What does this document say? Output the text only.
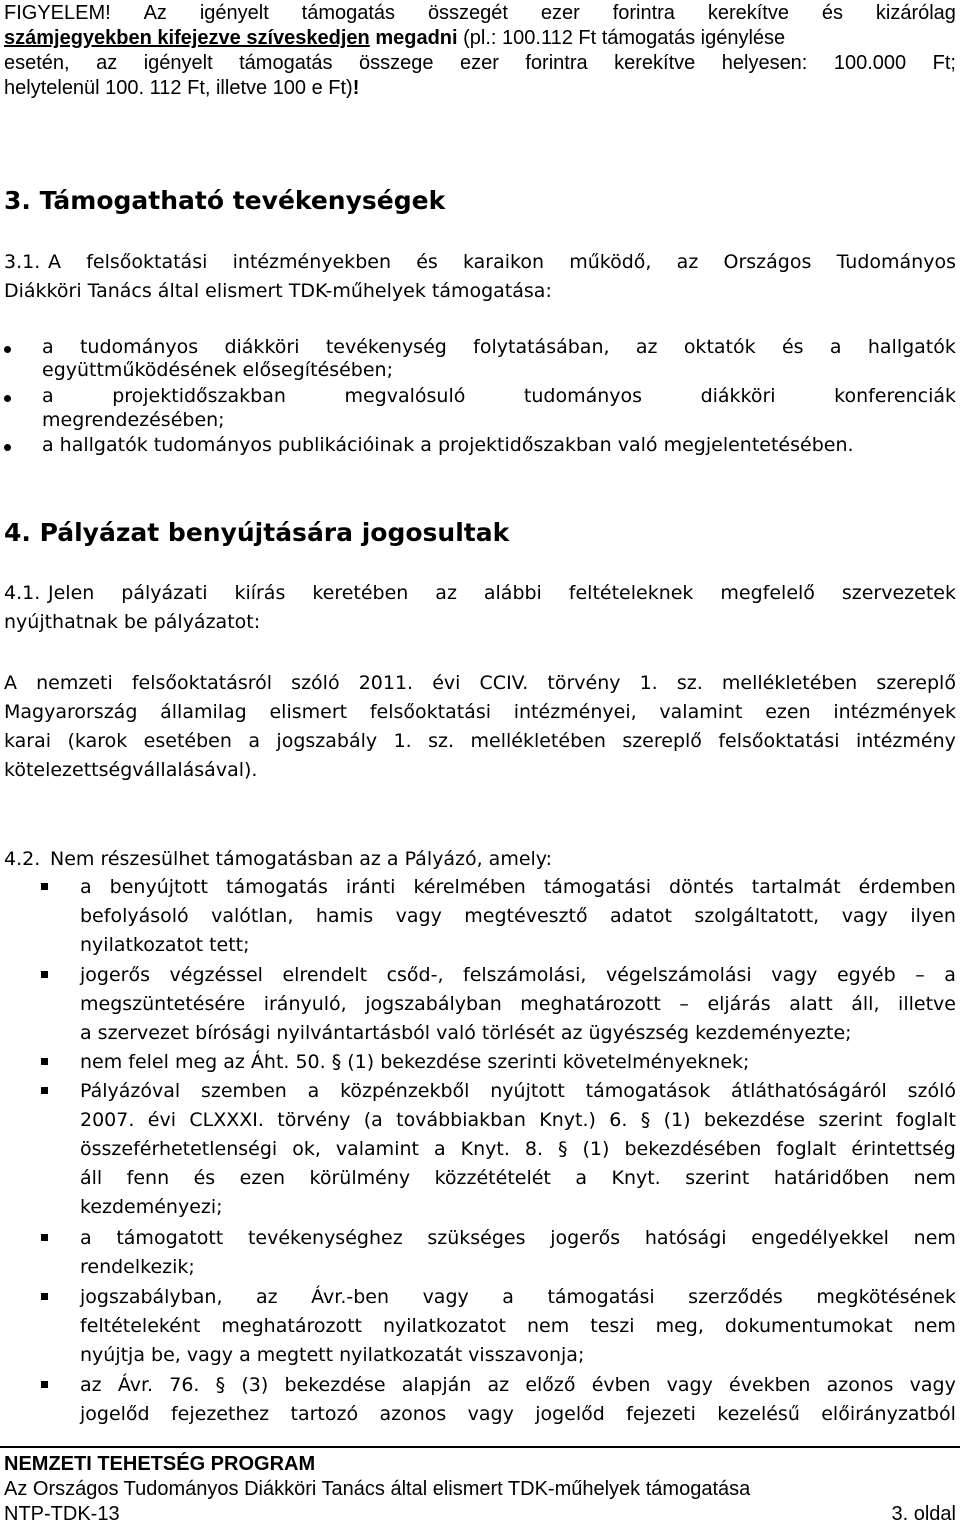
FIGYELEM! Az igényelt támogatás összegét ezer forintra kerekítve és kizárólag
számjegyekben kifejezve szíveskedjen megadni (pl.: 100.112 Ft támogatás igénylése
esetén, az igényelt támogatás összege ezer forintra kerekítve helyesen: 100.000 Ft;
helytelenül 100. 112 Ft, illetve 100 e Ft)!
3. Támogatható tevékenységek
3.1. A felsőoktatási intézményekben és karaikon működő, az Országos Tudományos
Diákköri Tanács által elismert TDK-műhelyek támogatása:
a tudományos diákköri tevékenység folytatásában, az oktatók és a hallgatók
együttműködésének elősegítésében;
a	projektidőszakban	megvalósuló	tudományos	diákköri	konferenciák
megrendezésében;
a hallgatók tudományos publikációinak a projektidőszakban való megjelentetésében.
4. Pályázat benyújtására jogosultak
4.1. Jelen pályázati kiírás keretében az alábbi feltételeknek megfelelő szervezetek
nyújthatnak be pályázatot:
A nemzeti felsőoktatásról szóló 2011. évi CCIV. törvény 1. sz. mellékletében szereplő
Magyarország államilag elismert felsőoktatási intézményei, valamint ezen intézmények
karai (karok esetében a jogszabály 1. sz. mellékletében szereplő felsőoktatási intézmény
kötelezettségvállalásával).
4.2. Nem részesülhet támogatásban az a Pályázó, amely:
a benyújtott támogatás iránti kérelmében támogatási döntés tartalmát érdemben
befolyásoló valótlan, hamis vagy megtévesztő adatot szolgáltatott, vagy ilyen
nyilatkozatot tett;
jogerős végzéssel elrendelt csőd-, felszámolási, végelszámolási vagy egyéb – a
megszüntetésére irányuló, jogszabályban meghatározott – eljárás alatt áll, illetve
a szervezet bírósági nyilvántartásból való törlését az ügyészség kezdeményezte;
nem felel meg az Áht. 50. § (1) bekezdése szerinti követelményeknek;
Pályázóval szemben a közpénzekből nyújtott támogatások átláthatóságáról szóló
2007. évi CLXXXI. törvény (a továbbiakban Knyt.) 6. § (1) bekezdése szerint foglalt
összeférhetetlenségi ok, valamint a Knyt. 8. § (1) bekezdésében foglalt érintettség
áll fenn és ezen körülmény közzétételét a Knyt. szerint határidőben nem
kezdeményezi;
a támogatott tevékenységhez szükséges jogerős hatósági engedélyekkel nem
rendelkezik;
jogszabályban, az Ávr.-ben vagy a támogatási szerződés megkötésének
feltételeként meghatározott nyilatkozatot nem teszi meg, dokumentumokat nem
nyújtja be, vagy a megtett nyilatkozatát visszavonja;
az Ávr. 76. § (3) bekezdése alapján az előző évben vagy években azonos vagy
jogelőd fejezethez tartozó azonos vagy jogelőd fejezeti kezelésű előirányzatból
NEMZETI TEHETSÉG PROGRAM
Az Országos Tudományos Diákköri Tanács által elismert TDK-műhelyek támogatása
NTP-TDK-13	3. oldal
